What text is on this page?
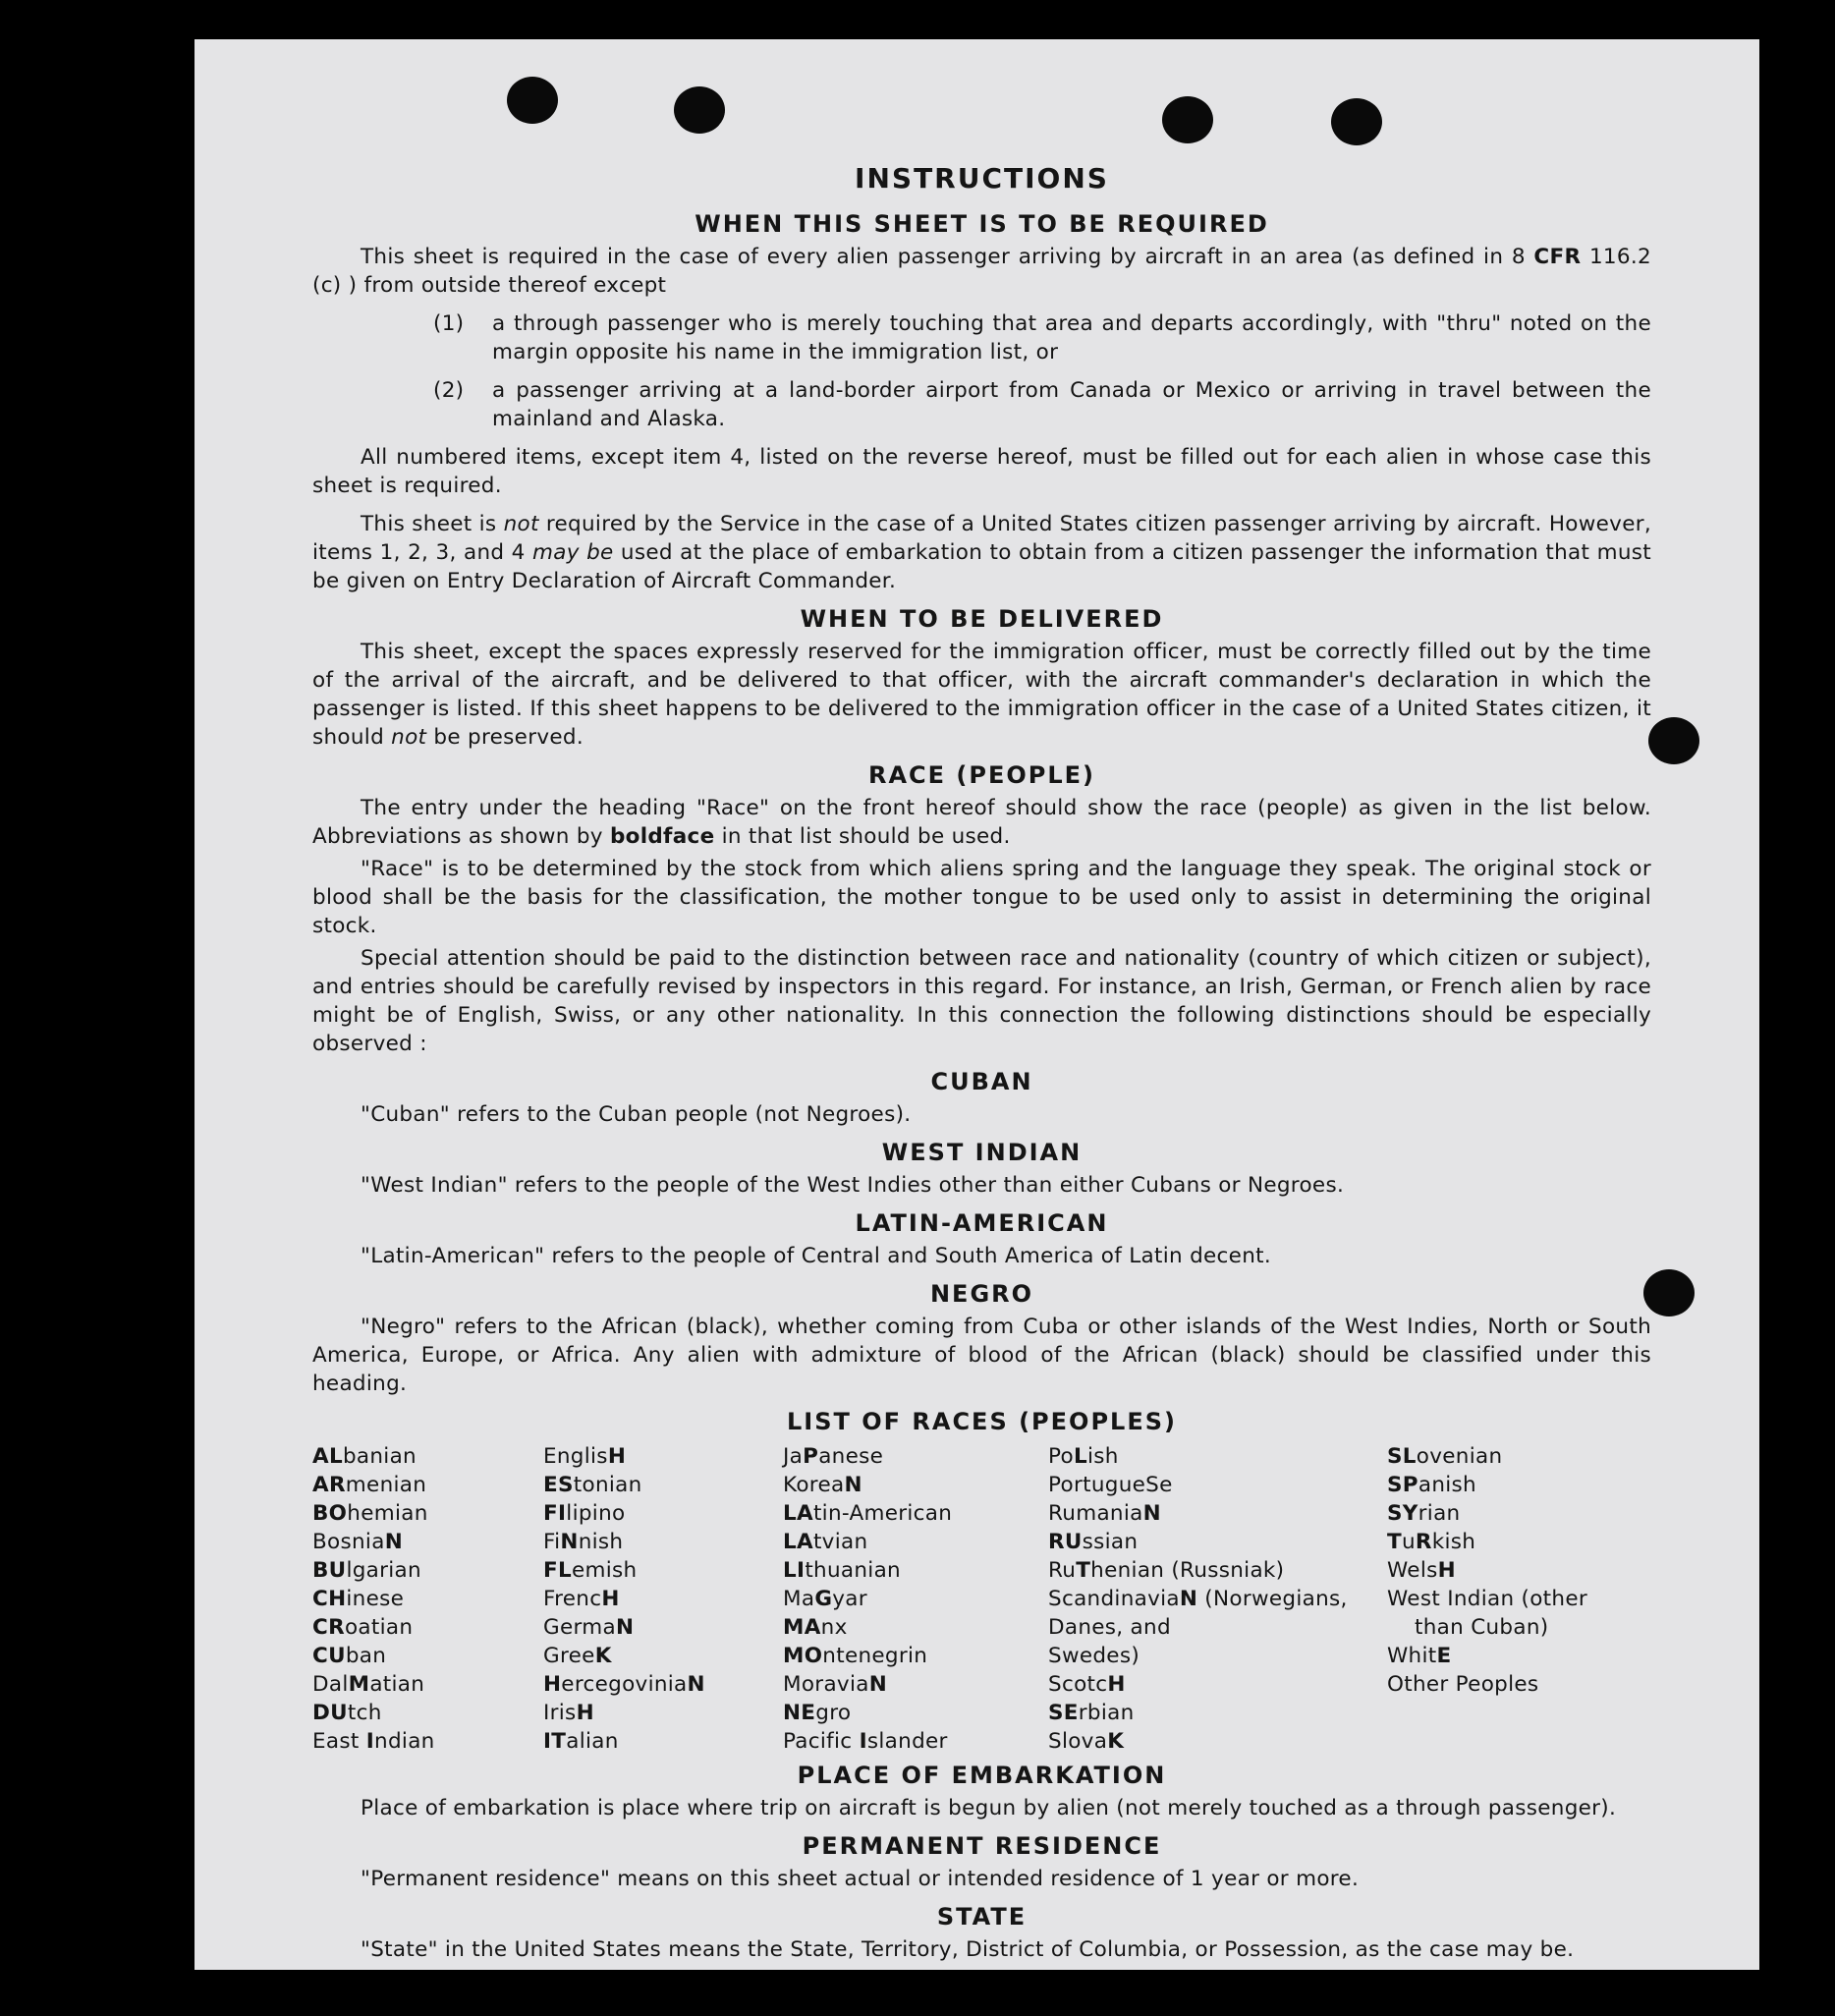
INSTRUCTIONS
WHEN THIS SHEET IS TO BE REQUIRED

This sheet is required in the case of every alien passenger arriving by aircraft in an area (as defined in 8 CFR 116.2 (c) ) from outside thereof except

(1)	a through passenger who is merely touching that area and departs accordingly, with "thru" noted on the margin opposite his name in the immigration list, or
(2)	a passenger arriving at a land-border airport from Canada or Mexico or arriving in travel between the mainland and Alaska.

All numbered items, except item 4, listed on the reverse hereof, must be filled out for each alien in whose case this sheet is required.

This sheet is not required by the Service in the case of a United States citizen passenger arriving by aircraft. However, items 1, 2, 3, and 4 may be used at the place of embarkation to obtain from a citizen passenger the information that must be given on Entry Declaration of Aircraft Commander.

WHEN TO BE DELIVERED

This sheet, except the spaces expressly reserved for the immigration officer, must be correctly filled out by the time of the arrival of the aircraft, and be delivered to that officer, with the aircraft commander's declaration in which the passenger is listed. If this sheet happens to be delivered to the immigration officer in the case of a United States citizen, it should not be preserved.

RACE (PEOPLE)

The entry under the heading "Race" on the front hereof should show the race (people) as given in the list below. Abbreviations as shown by boldface in that list should be used.

"Race" is to be determined by the stock from which aliens spring and the language they speak. The original stock or blood shall be the basis for the classification, the mother tongue to be used only to assist in determining the original stock.

Special attention should be paid to the distinction between race and nationality (country of which citizen or subject), and entries should be carefully revised by inspectors in this regard. For instance, an Irish, German, or French alien by race might be of English, Swiss, or any other nationality. In this connection the following distinctions should be especially observed :

CUBAN

"Cuban" refers to the Cuban people (not Negroes).

WEST INDIAN

"West Indian" refers to the people of the West Indies other than either Cubans or Negroes.

LATIN-AMERICAN

"Latin-American" refers to the people of Central and South America of Latin decent.

NEGRO

"Negro" refers to the African (black), whether coming from Cuba or other islands of the West Indies, North or South America, Europe, or Africa. Any alien with admixture of blood of the African (black) should be classified under this heading.

LIST OF RACES (PEOPLES)
ALbanian
ARmenian
BOhemian
BosniaN
BUlgarian
CHinese
CRoatian
CUban
DalMatian
DUtch
East Indian
EnglisH
EStonian
FIlipino
FiNnish
FLemish
FrencH
GermaN
GreeK
HercegoviniaN
IrisH
ITalian
JaPanese
KoreaN
LAtin-American
LAtvian
LIthuanian
MaGyar
MAnx
MOntenegrin
MoraviaN
NEgro
Pacific Islander
PoLish
PortugueSe
RumaniaN
RUssian
RuThenian (Russniak)
ScandinaviaN (Norwegians,
Danes, and
Swedes)
ScotcH
SErbian
SlovaK
SLovenian
SPanish
SYrian
TuRkish
WelsH
West Indian (other
than Cuban)
WhitE
Other Peoples
PLACE OF EMBARKATION

Place of embarkation is place where trip on aircraft is begun by alien (not merely touched as a through passenger).

PERMANENT RESIDENCE

"Permanent residence" means on this sheet actual or intended residence of 1 year or more.

STATE

"State" in the United States means the State, Territory, District of Columbia, or Possession, as the case may be.
